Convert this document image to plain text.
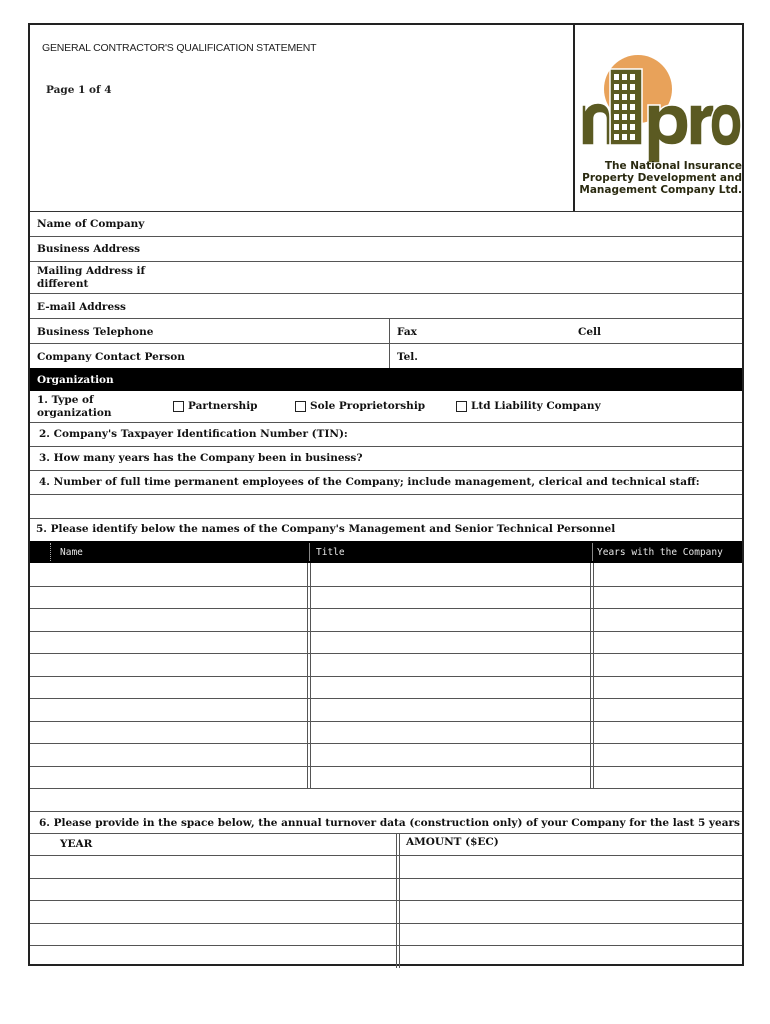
GENERAL CONTRACTOR'S QUALIFICATION STATEMENT
Page 1 of 4
The National Insurance
Property Development and
Management Company Ltd.
Name of Company
Business Address
Mailing Address if
different
E-mail Address
Business Telephone	Fax	Cell
Company Contact Person	Tel.
Organization
1. Type of
organization
Partnership	Sole Proprietorship	Ltd Liability Company
2. Company's Taxpayer Identification Number (TIN):
3. How many years has the Company been in business?
4. Number of full time permanent employees of the Company; include management, clerical and technical staff:
5. Please identify below the names of the Company's Management and Senior Technical Personnel
Name	Title	Years with the Company
6. Please provide in the space below, the annual turnover data (construction only) of your Company for the last 5 years
YEAR	AMOUNT ($EC)
